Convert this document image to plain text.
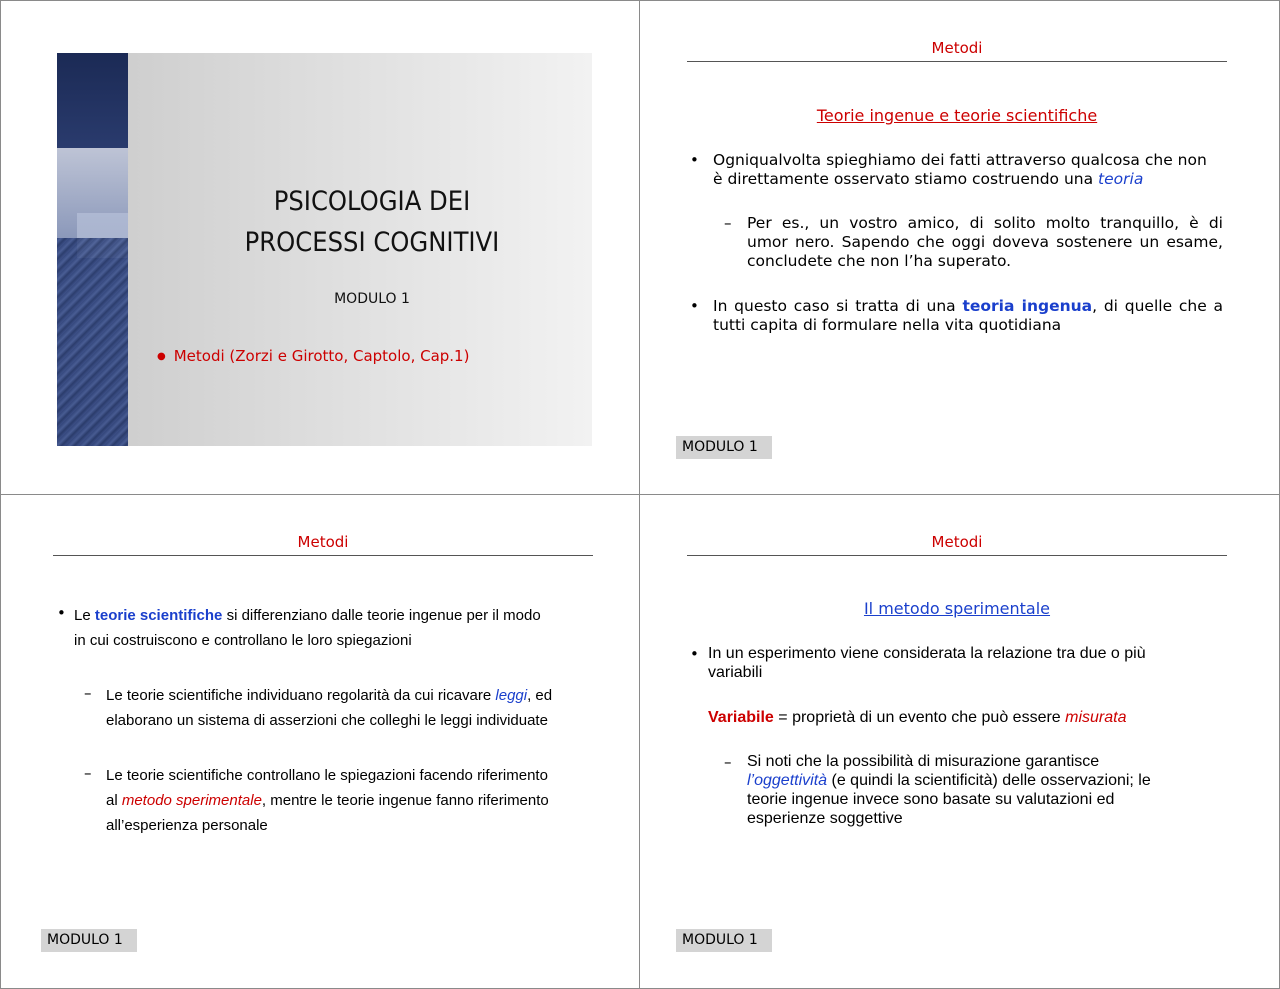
PSICOLOGIA DEI
PROCESSI COGNITIVI
MODULO 1
● Metodi (Zorzi e Girotto, Captolo, Cap.1)
Metodi
Teorie ingenue e teorie scientifiche
• Ogniqualvolta spieghiamo dei fatti attraverso qualcosa che non
è direttamente osservato stiamo costruendo una teoria
– Per es., un vostro amico, di solito molto tranquillo, è di
umor nero. Sapendo che oggi doveva sostenere un esame,
concludete che non l’ha superato.
• In questo caso si tratta di una teoria ingenua, di quelle che a
tutti capita di formulare nella vita quotidiana
MODULO 1
Metodi
• Le teorie scientifiche si differenziano dalle teorie ingenue per il modo
in cui costruiscono e controllano le loro spiegazioni
– Le teorie scientifiche individuano regolarità da cui ricavare leggi, ed
elaborano un sistema di asserzioni che colleghi le leggi individuate
– Le teorie scientifiche controllano le spiegazioni facendo riferimento
al metodo sperimentale, mentre le teorie ingenue fanno riferimento
all’esperienza personale
MODULO 1
Metodi
Il metodo sperimentale
• In un esperimento viene considerata la relazione tra due o più
variabili
Variabile = proprietà di un evento che può essere misurata
– Si noti che la possibilità di misurazione garantisce
l’oggettività (e quindi la scientificità) delle osservazioni; le
teorie ingenue invece sono basate su valutazioni ed
esperienze soggettive
MODULO 1
